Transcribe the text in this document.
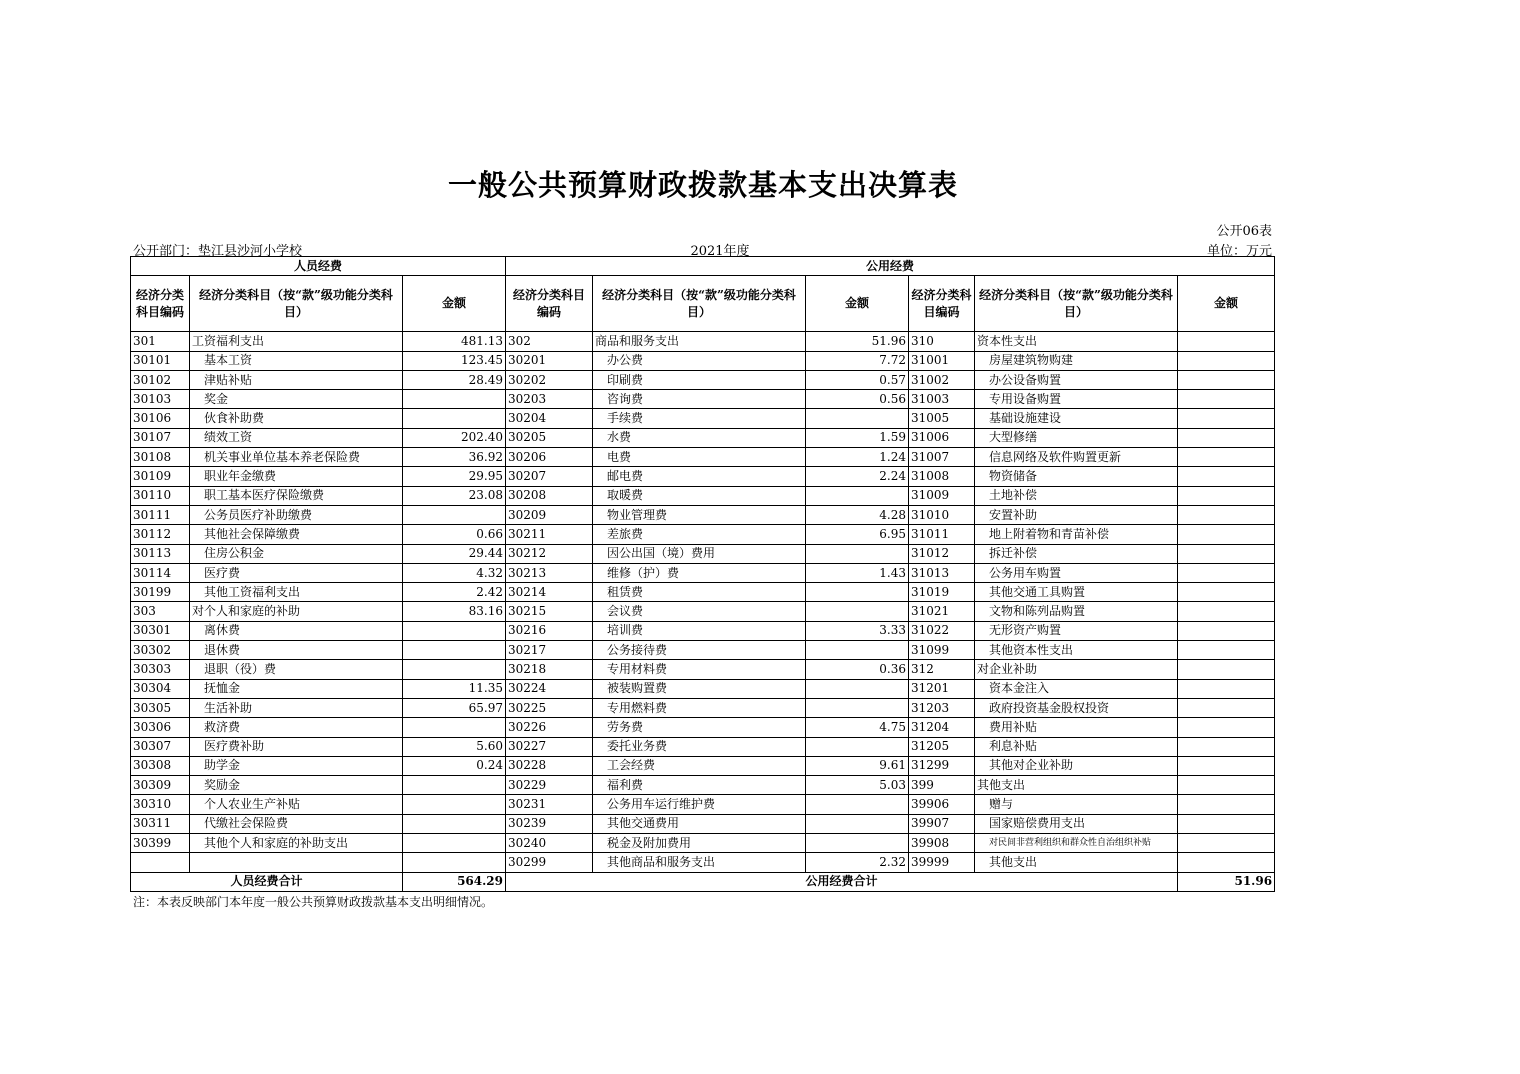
一般公共预算财政拨款基本支出决算表
公开06表
公开部门：垫江县沙河小学校	2021年度	单位：万元
人员经费			公用经费					
经济分类科目编码	经济分类科目（按“款”级功能分类科目）	金额	经济分类科目编码	经济分类科目（按“款”级功能分类科目）	金额	经济分类科目编码	经济分类科目（按“款”级功能分类科目）	金额
301	工资福利支出	481.13	302	商品和服务支出	51.96	310	资本性支出	
30101	基本工资	123.45	30201	办公费	7.72	31001	房屋建筑物购建	
30102	津贴补贴	28.49	30202	印刷费	0.57	31002	办公设备购置	
30103	奖金		30203	咨询费	0.56	31003	专用设备购置	
30106	伙食补助费		30204	手续费		31005	基础设施建设	
30107	绩效工资	202.40	30205	水费	1.59	31006	大型修缮	
30108	机关事业单位基本养老保险费	36.92	30206	电费	1.24	31007	信息网络及软件购置更新	
30109	职业年金缴费	29.95	30207	邮电费	2.24	31008	物资储备	
30110	职工基本医疗保险缴费	23.08	30208	取暖费		31009	土地补偿	
30111	公务员医疗补助缴费		30209	物业管理费	4.28	31010	安置补助	
30112	其他社会保障缴费	0.66	30211	差旅费	6.95	31011	地上附着物和青苗补偿	
30113	住房公积金	29.44	30212	因公出国（境）费用		31012	拆迁补偿	
30114	医疗费	4.32	30213	维修（护）费	1.43	31013	公务用车购置	
30199	其他工资福利支出	2.42	30214	租赁费		31019	其他交通工具购置	
303	对个人和家庭的补助	83.16	30215	会议费		31021	文物和陈列品购置	
30301	离休费		30216	培训费	3.33	31022	无形资产购置	
30302	退休费		30217	公务接待费		31099	其他资本性支出	
30303	退职（役）费		30218	专用材料费	0.36	312	对企业补助	
30304	抚恤金	11.35	30224	被装购置费		31201	资本金注入	
30305	生活补助	65.97	30225	专用燃料费		31203	政府投资基金股权投资	
30306	救济费		30226	劳务费	4.75	31204	费用补贴	
30307	医疗费补助	5.60	30227	委托业务费		31205	利息补贴	
30308	助学金	0.24	30228	工会经费	9.61	31299	其他对企业补助	
30309	奖励金		30229	福利费	5.03	399	其他支出	
30310	个人农业生产补贴		30231	公务用车运行维护费		39906	赠与	
30311	代缴社会保险费		30239	其他交通费用		39907	国家赔偿费用支出	
30399	其他个人和家庭的补助支出		30240	税金及附加费用		39908	对民间非营利组织和群众性自治组织补贴	
			30299	其他商品和服务支出	2.32	39999	其他支出	
人员经费合计		564.29	公用经费合计					51.96
注：本表反映部门本年度一般公共预算财政拨款基本支出明细情况。
